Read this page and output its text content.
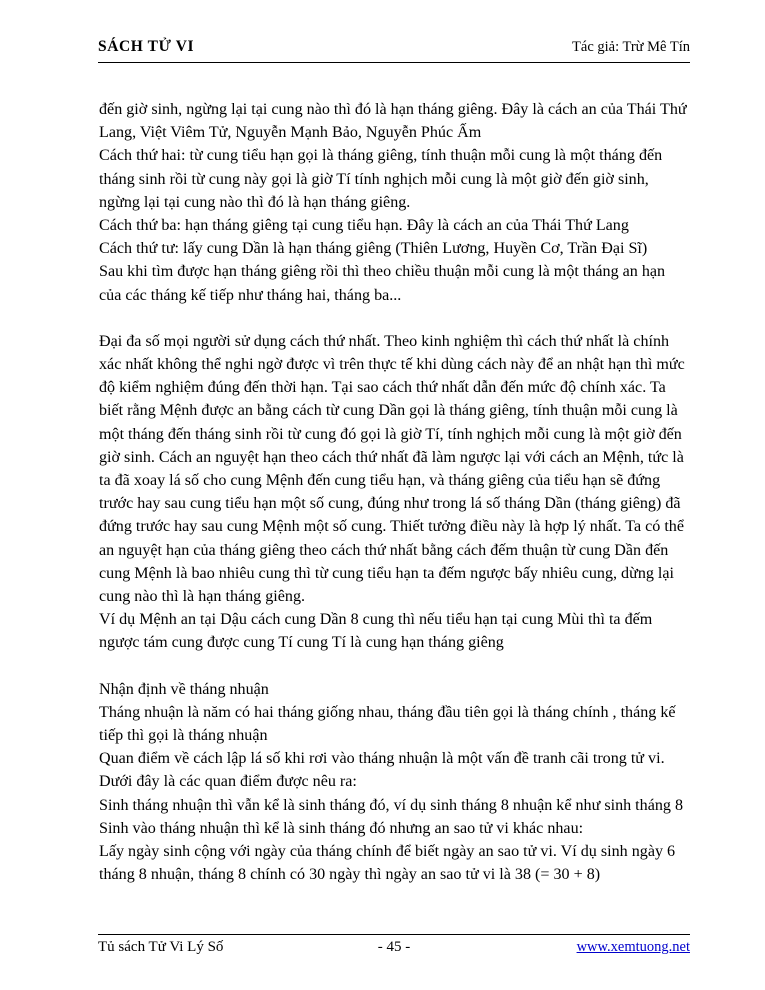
SÁCH TỬ VI	Tác giả: Trừ Mê Tín

đến giờ sinh, ngừng lại tại cung nào thì đó là hạn tháng giêng. Đây là cách an của Thái Thứ Lang, Việt Viêm Tử, Nguyễn Mạnh Bảo, Nguyễn Phúc Ấm

Cách thứ hai: từ cung tiểu hạn gọi là tháng giêng, tính thuận mỗi cung là một tháng đến tháng sinh rồi từ cung này gọi là giờ Tí tính nghịch mỗi cung là một giờ đến giờ sinh, ngừng lại tại cung nào thì đó là hạn tháng giêng.

Cách thứ ba: hạn tháng giêng tại cung tiểu hạn. Đây là cách an của Thái Thứ Lang

Cách thứ tư: lấy cung Dần là hạn tháng giêng (Thiên Lương, Huyền Cơ, Trần Đại Sĩ)

Sau khi tìm được hạn tháng giêng rồi thì theo chiều thuận mỗi cung là một tháng an hạn của các tháng kế tiếp như tháng hai, tháng ba...

Đại đa số mọi người sử dụng cách thứ nhất. Theo kinh nghiệm thì cách thứ nhất là chính xác nhất không thể nghi ngờ được vì trên thực tế khi dùng cách này để an nhật hạn thì mức độ kiểm nghiệm đúng đến thời hạn. Tại sao cách thứ nhất dẫn đến mức độ chính xác. Ta biết rằng Mệnh được an bằng cách từ cung Dần gọi là tháng giêng, tính thuận mỗi cung là một tháng đến tháng sinh rồi từ cung đó gọi là giờ Tí, tính nghịch mỗi cung là một giờ đến giờ sinh. Cách an nguyệt hạn theo cách thứ nhất đã làm ngược lại với cách an Mệnh, tức là ta đã xoay lá số cho cung Mệnh đến cung tiểu hạn, và tháng giêng của tiểu hạn sẽ đứng trước hay sau cung tiểu hạn một số cung, đúng như trong lá số tháng Dần (tháng giêng) đã đứng trước hay sau cung Mệnh một số cung. Thiết tưởng điều này là hợp lý nhất. Ta có thể an nguyệt hạn của tháng giêng theo cách thứ nhất bằng cách đếm thuận từ cung Dần đến cung Mệnh là bao nhiêu cung thì từ cung tiểu hạn ta đếm ngược bấy nhiêu cung, dừng lại cung nào thì là hạn tháng giêng.

Ví dụ Mệnh an tại Dậu cách cung Dần 8 cung thì nếu tiểu hạn tại cung Mùi thì ta đếm ngược tám cung được cung Tí cung Tí là cung hạn tháng giêng

Nhận định về tháng nhuận

Tháng nhuận là năm có hai tháng giống nhau, tháng đầu tiên gọi là tháng chính , tháng kế tiếp thì gọi là tháng nhuận

Quan điểm về cách lập lá số khi rơi vào tháng nhuận là một vấn đề tranh cãi trong tử vi. Dưới đây là các quan điểm được nêu ra:

Sinh tháng nhuận thì vẫn kể là sinh tháng đó, ví dụ sinh tháng 8 nhuận kể như sinh tháng 8

Sinh vào tháng nhuận thì kể là sinh tháng đó nhưng an sao tử vi khác nhau:

Lấy ngày sinh cộng với ngày của tháng chính để biết ngày an sao tử vi. Ví dụ sinh ngày 6 tháng 8 nhuận, tháng 8 chính có 30 ngày thì ngày an sao tử vi là 38 (= 30 + 8)

Tủ sách Tử Vi Lý Số	- 45 -	www.xemtuong.net
